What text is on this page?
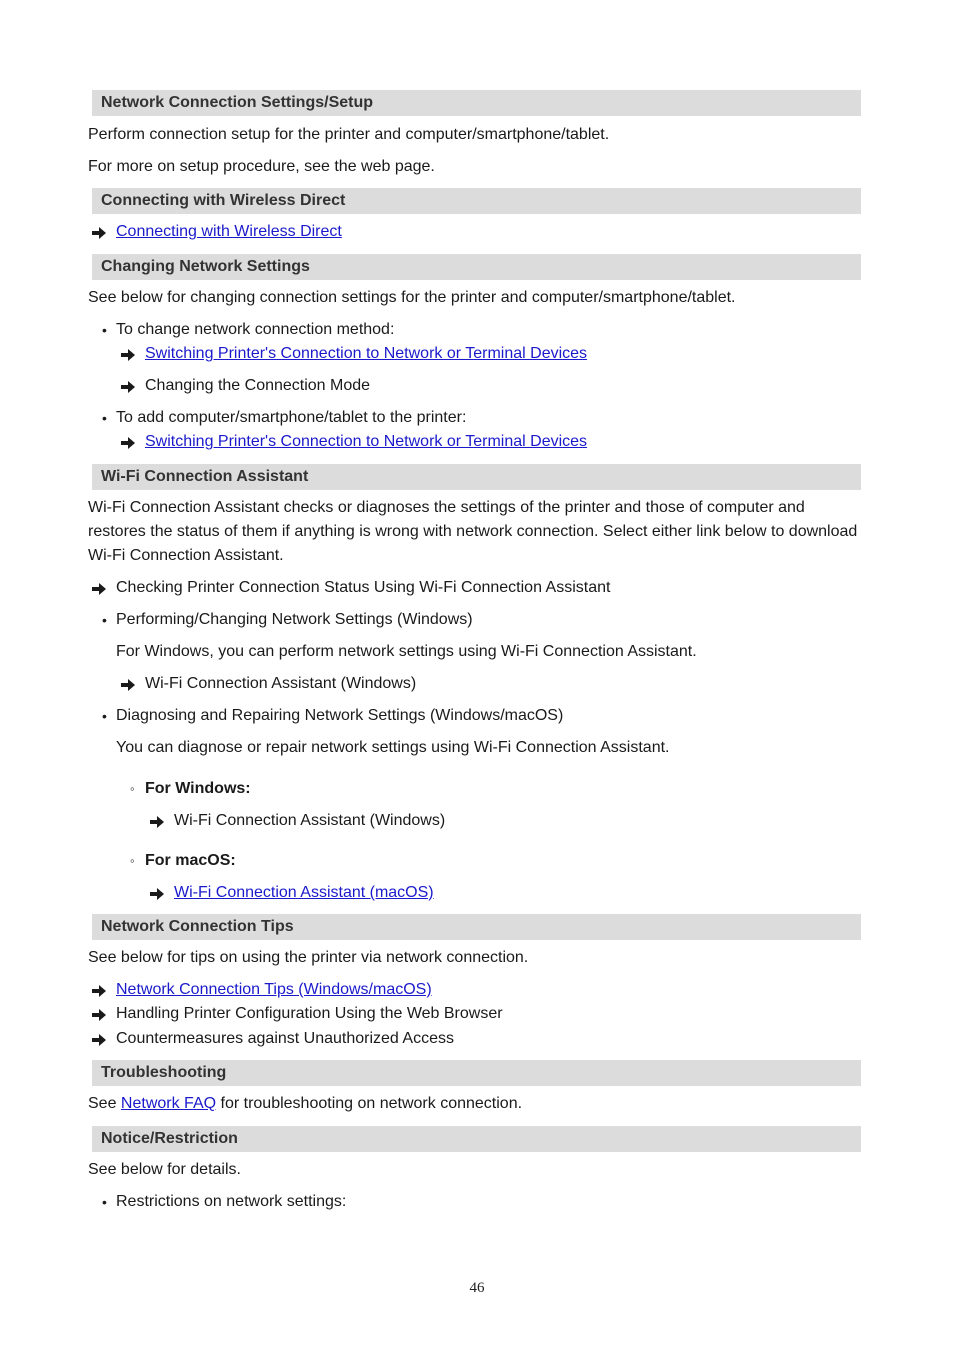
Network Connection Settings/Setup
Perform connection setup for the printer and computer/smartphone/tablet.
For more on setup procedure, see the web page.
Connecting with Wireless Direct
Connecting with Wireless Direct
Changing Network Settings
See below for changing connection settings for the printer and computer/smartphone/tablet.
• To change network connection method:
Switching Printer's Connection to Network or Terminal Devices
Changing the Connection Mode
• To add computer/smartphone/tablet to the printer:
Switching Printer's Connection to Network or Terminal Devices
Wi-Fi Connection Assistant
Wi-Fi Connection Assistant checks or diagnoses the settings of the printer and those of computer and restores the status of them if anything is wrong with network connection. Select either link below to download Wi-Fi Connection Assistant.
Checking Printer Connection Status Using Wi-Fi Connection Assistant
• Performing/Changing Network Settings (Windows)
For Windows, you can perform network settings using Wi-Fi Connection Assistant.
Wi-Fi Connection Assistant (Windows)
• Diagnosing and Repairing Network Settings (Windows/macOS)
You can diagnose or repair network settings using Wi-Fi Connection Assistant.
◦ For Windows:
Wi-Fi Connection Assistant (Windows)
◦ For macOS:
Wi-Fi Connection Assistant (macOS)
Network Connection Tips
See below for tips on using the printer via network connection.
Network Connection Tips (Windows/macOS)
Handling Printer Configuration Using the Web Browser
Countermeasures against Unauthorized Access
Troubleshooting
See Network FAQ for troubleshooting on network connection.
Notice/Restriction
See below for details.
• Restrictions on network settings:
46
